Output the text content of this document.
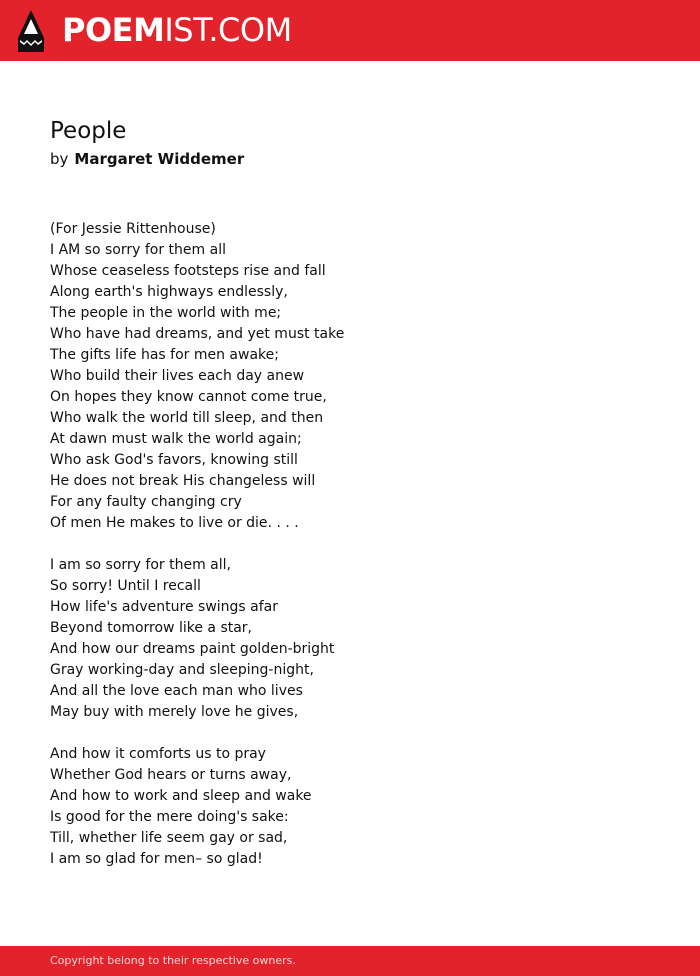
POEMIST.COM
People
by Margaret Widdemer
(For Jessie Rittenhouse)
I AM so sorry for them all
Whose ceaseless footsteps rise and fall
Along earth's highways endlessly,
The people in the world with me;
Who have had dreams, and yet must take
The gifts life has for men awake;
Who build their lives each day anew
On hopes they know cannot come true,
Who walk the world till sleep, and then
At dawn must walk the world again;
Who ask God's favors, knowing still
He does not break His changeless will
For any faulty changing cry
Of men He makes to live or die. . . .
I am so sorry for them all,
So sorry! Until I recall
How life's adventure swings afar
Beyond tomorrow like a star,
And how our dreams paint golden-bright
Gray working-day and sleeping-night,
And all the love each man who lives
May buy with merely love he gives,
And how it comforts us to pray
Whether God hears or turns away,
And how to work and sleep and wake
Is good for the mere doing's sake:
Till, whether life seem gay or sad,
I am so glad for men– so glad!
Copyright belong to their respective owners.
